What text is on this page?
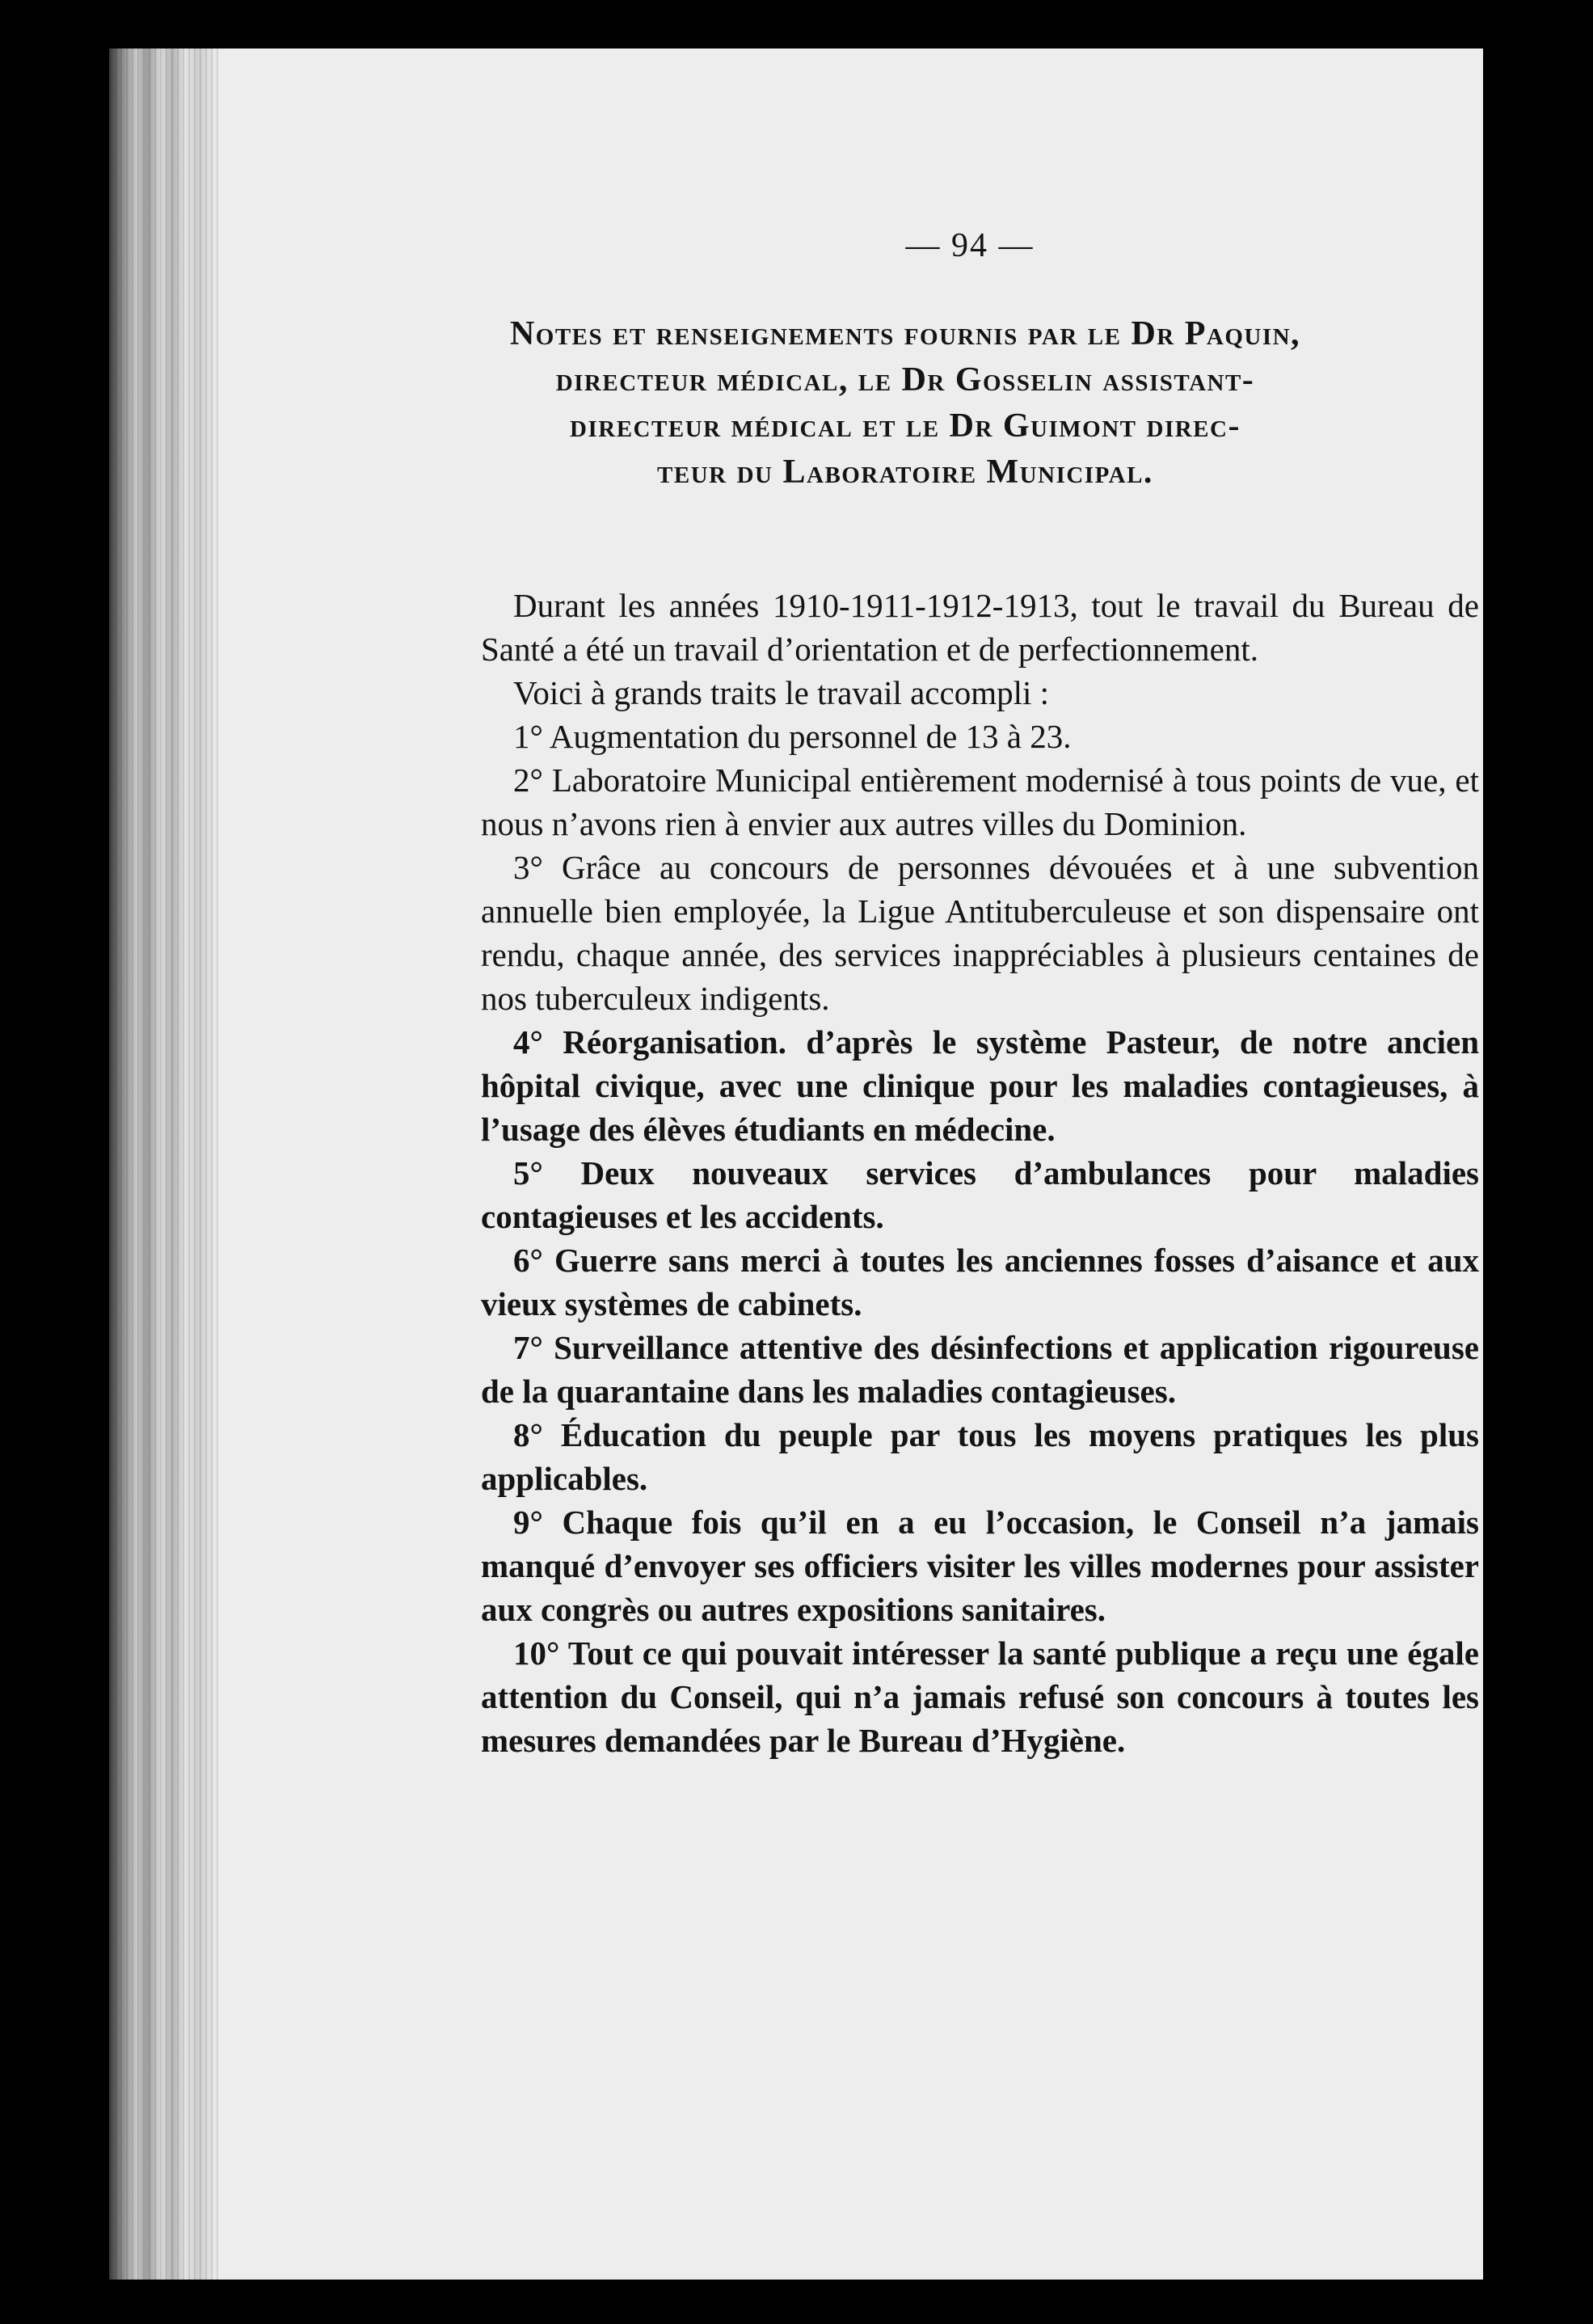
— 94 —
Notes et renseignements fournis par le Dr Paquin,
directeur médical, le Dr Gosselin assistant-
directeur médical et le Dr Guimont direc-
teur du Laboratoire Municipal.

Durant les années 1910-1911-1912-1913, tout le travail du Bureau de Santé a été un travail d’orientation et de perfectionnement.

Voici à grands traits le travail accompli :

1° Augmentation du personnel de 13 à 23.

2° Laboratoire Municipal entièrement modernisé à tous points de vue, et nous n’avons rien à envier aux autres villes du Dominion.

3° Grâce au concours de personnes dévouées et à une subvention annuelle bien employée, la Ligue Antituberculeuse et son dispensaire ont rendu, chaque année, des services inappréciables à plusieurs centaines de nos tuberculeux indigents.

4° Réorganisation. d’après le système Pasteur, de notre ancien hôpital civique, avec une clinique pour les maladies contagieuses, à l’usage des élèves étudiants en médecine.

5° Deux nouveaux services d’ambulances pour maladies contagieuses et les accidents.

6° Guerre sans merci à toutes les anciennes fosses d’aisance et aux vieux systèmes de cabinets.

7° Surveillance attentive des désinfections et application rigoureuse de la quarantaine dans les maladies contagieuses.

8° Éducation du peuple par tous les moyens pratiques les plus applicables.

9° Chaque fois qu’il en a eu l’occasion, le Conseil n’a jamais manqué d’envoyer ses officiers visiter les villes modernes pour assister aux congrès ou autres expositions sanitaires.

10° Tout ce qui pouvait intéresser la santé publique a reçu une égale attention du Conseil, qui n’a jamais refusé son concours à toutes les mesures demandées par le Bureau d’Hygiène.
